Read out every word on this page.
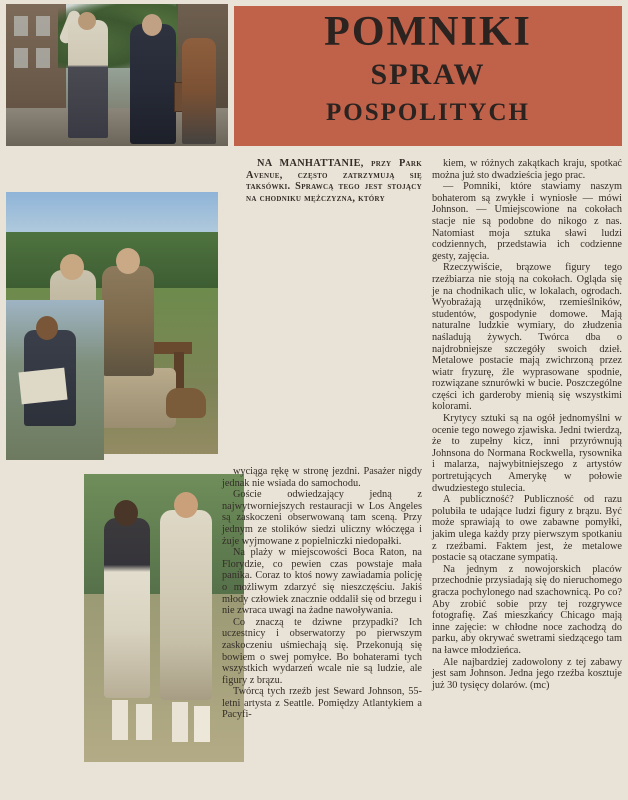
POMNIKI
SPRAW
POSPOLITYCH

NA MANHATTANIE, przy Park Avenue, często zatrzymują się taksówki. Sprawcą tego jest stojący na chodniku mężczyzna, który

kiem, w różnych zakątkach kraju, spotkać można już sto dwadzieścia jego prac.

— Pomniki, które stawiamy naszym bohaterom są zwykłe i wyniosłe — mówi Johnson. — Umiejscowione na cokołach stacje nie są podobne do nikogo z nas. Natomiast moja sztuka sławi ludzi codziennych, przedstawia ich codzienne gesty, zajęcia.

Rzeczywiście, brązowe figury tego rzeźbiarza nie stoją na cokołach. Ogląda się je na chodnikach ulic, w lokalach, ogrodach. Wyobrażają urzędników, rzemieślników, studentów, gospodynie domowe. Mają naturalne ludzkie wymiary, do złudzenia naśladują żywych. Twórca dba o najdrobniejsze szczegóły swoich dzieł. Metalowe postacie mają zwichrzoną przez wiatr fryzurę, źle wyprasowane spodnie, rozwiązane sznurówki w bucie. Poszczególne części ich garderoby mienią się wszystkimi kolorami.

Krytycy sztuki są na ogół jednomyślni w ocenie tego nowego zjawiska. Jedni twierdzą, że to zupełny kicz, inni przyrównują Johnsona do Normana Rockwella, rysownika i malarza, najwybitniejszego z artystów portretujących Amerykę w połowie dwudziestego stulecia.

A publiczność? Publiczność od razu polubiła te udające ludzi figury z brązu. Być może sprawiają to owe zabawne pomyłki, jakim ulega każdy przy pierwszym spotkaniu z rzeźbami. Faktem jest, że metalowe postacie są otaczane sympatią.

Na jednym z nowojorskich placów przechodnie przysiadają się do nieruchomego gracza pochylonego nad szachownicą. Po co? Aby zrobić sobie przy tej rozgrywce fotografię. Zaś mieszkańcy Chicago mają inne zajęcie: w chłodne noce zachodzą do parku, aby okrywać swetrami siedzącego tam na ławce młodzieńca.

Ale najbardziej zadowolony z tej zabawy jest sam Johnson. Jedna jego rzeźba kosztuje już 30 tysięcy dolarów. (mc)

wyciąga rękę w stronę jezdni. Pasażer nigdy jednak nie wsiada do samochodu.

Goście odwiedzający jedną z najwytworniejszych restauracji w Los Angeles są zaskoczeni obserwowaną tam sceną. Przy jednym ze stolików siedzi uliczny włóczęga i żuje wyjmowane z popielniczki niedopałki.

Na plaży w miejscowości Boca Raton, na Florydzie, co pewien czas powstaje mała panika. Coraz to ktoś nowy zawiadamia policję o możliwym zdarzyć się nieszczęściu. Jakiś młody człowiek znacznie oddalił się od brzegu i nie zwraca uwagi na żadne nawoływania.

Co znaczą te dziwne przypadki? Ich uczestnicy i obserwatorzy po pierwszym zaskoczeniu uśmiechają się. Przekonują się bowiem o swej pomyłce. Bo bohaterami tych wszystkich wydarzeń wcale nie są ludzie, ale figury z brązu.

Twórcą tych rzeźb jest Seward Johnson, 55-letni artysta z Seattle. Pomiędzy Atlantykiem a Pacyfi-
